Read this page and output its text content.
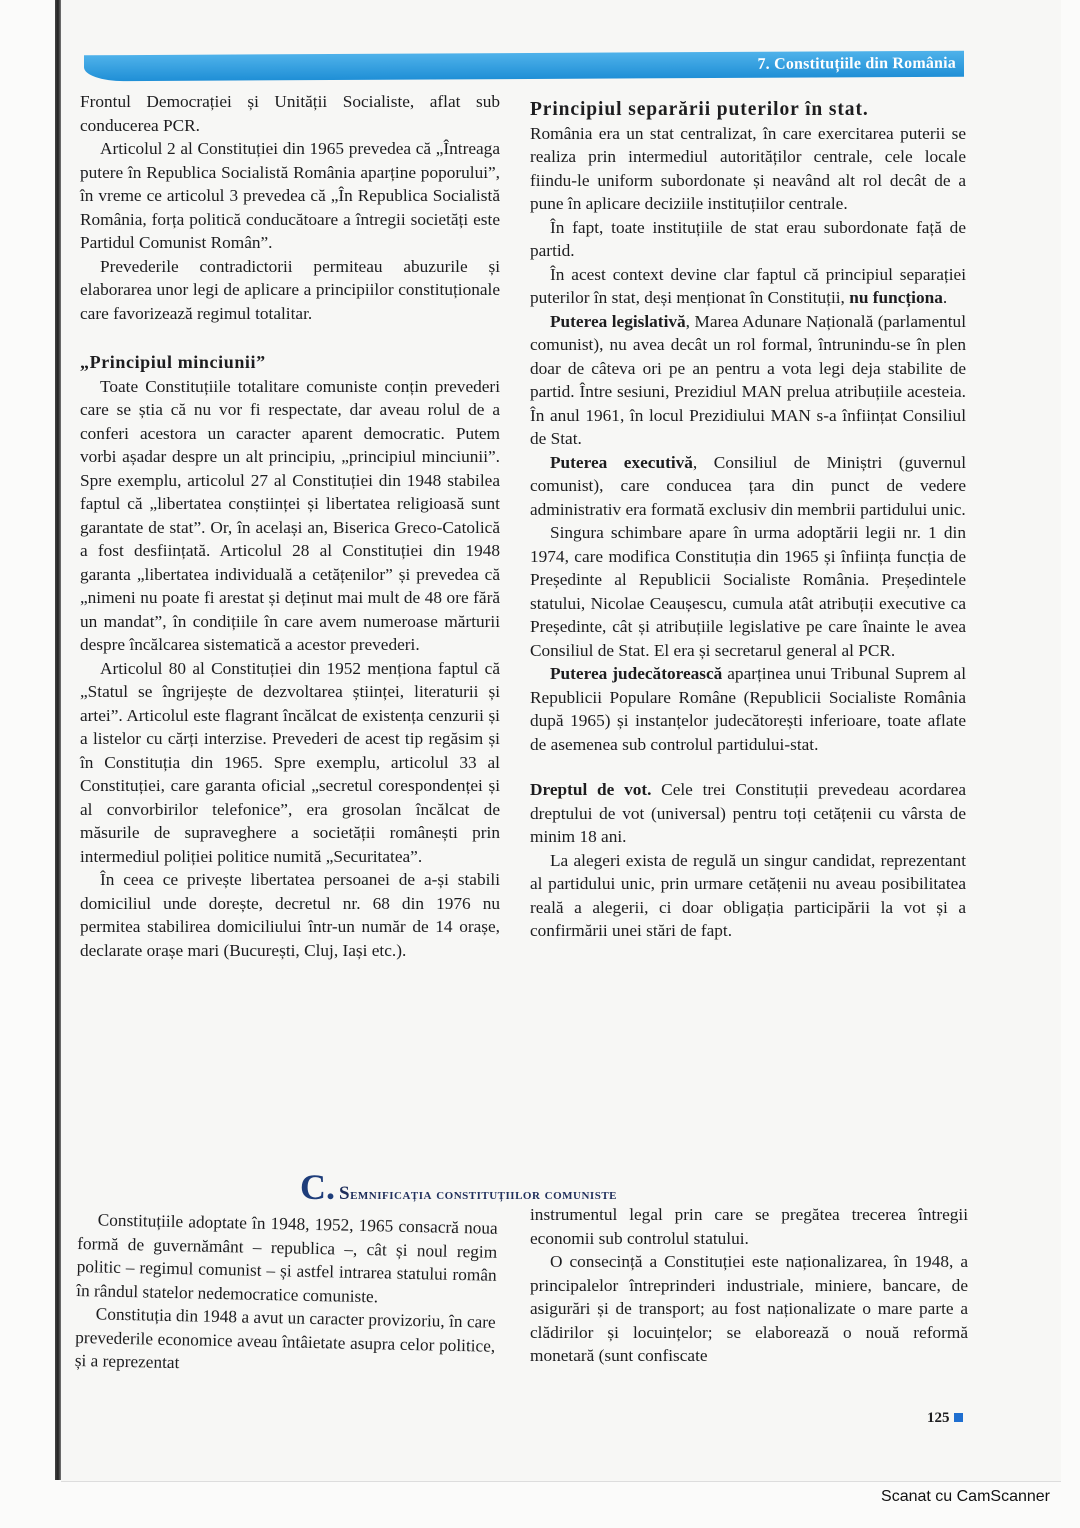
7. Constituțiile din România

Frontul Democrației și Unității Socialiste, aflat sub conducerea PCR.

Articolul 2 al Constituției din 1965 prevedea că „Întreaga putere în Republica Socialistă România aparține poporului”, în vreme ce articolul 3 prevedea că „În Republica Socialistă România, forța politică conducătoare a întregii societăți este Partidul Comunist Român”.

Prevederile contradictorii permiteau abuzurile și elaborarea unor legi de aplicare a principiilor constituționale care favorizează regimul totalitar.

„Principiul minciunii”

Toate Constituțiile totalitare comuniste conțin prevederi care se știa că nu vor fi respectate, dar aveau rolul de a conferi acestora un caracter aparent democratic. Putem vorbi așadar despre un alt principiu, „principiul minciunii”. Spre exemplu, articolul 27 al Constituției din 1948 stabilea faptul că „libertatea conștiinței și libertatea religioasă sunt garantate de stat”. Or, în același an, Biserica Greco-Catolică a fost desființată. Articolul 28 al Constituției din 1948 garanta „libertatea individuală a cetățenilor” și prevedea că „nimeni nu poate fi arestat și deținut mai mult de 48 ore fără un mandat”, în condițiile în care avem numeroase mărturii despre încălcarea sistematică a acestor prevederi.

Articolul 80 al Constituției din 1952 menționa faptul că „Statul se îngrijește de dezvoltarea științei, literaturii și artei”. Articolul este flagrant încălcat de existența cenzurii și a listelor cu cărți interzise. Prevederi de acest tip regăsim și în Constituția din 1965. Spre exemplu, articolul 33 al Constituției, care garanta oficial „secretul corespondenței și al convorbirilor telefonice”, era grosolan încălcat de măsurile de supraveghere a societății românești prin intermediul poliției politice numită „Securitatea”.

În ceea ce privește libertatea persoanei de a-și stabili domiciliul unde dorește, decretul nr. 68 din 1976 nu permitea stabilirea domiciliului într-un număr de 14 orașe, declarate orașe mari (București, Cluj, Iași etc.).

Principiul separării puterilor în stat.

România era un stat centralizat, în care exercitarea puterii se realiza prin intermediul autorităților centrale, cele locale fiindu-le uniform subordonate și neavând alt rol decât de a pune în aplicare deciziile instituțiilor centrale.

În fapt, toate instituțiile de stat erau subordonate față de partid.

În acest context devine clar faptul că principiul separației puterilor în stat, deși menționat în Constituții, nu funcționa.

Puterea legislativă, Marea Adunare Națională (parlamentul comunist), nu avea decât un rol formal, întrunindu-se în plen doar de câteva ori pe an pentru a vota legi deja stabilite de partid. Între sesiuni, Prezidiul MAN prelua atribuțiile acesteia. În anul 1961, în locul Prezidiului MAN s-a înființat Consiliul de Stat.

Puterea executivă, Consiliul de Miniștri (guvernul comunist), care conducea țara din punct de vedere administrativ era formată exclusiv din membrii partidului unic.

Singura schimbare apare în urma adoptării legii nr. 1 din 1974, care modifica Constituția din 1965 și înființa funcția de Președinte al Republicii Socialiste România. Președintele statului, Nicolae Ceaușescu, cumula atât atribuții executive ca Președinte, cât și atribuțiile legislative pe care înainte le avea Consiliul de Stat. El era și secretarul general al PCR.

Puterea judecătorească aparținea unui Tribunal Suprem al Republicii Populare Române (Republicii Socialiste România după 1965) și instanțelor judecătorești inferioare, toate aflate de asemenea sub controlul partidului-stat.

Dreptul de vot. Cele trei Constituții prevedeau acordarea dreptului de vot (universal) pentru toți cetățenii cu vârsta de minim 18 ani.

La alegeri exista de regulă un singur candidat, reprezentant al partidului unic, prin urmare cetățenii nu aveau posibilitatea reală a alegerii, ci doar obligația participării la vot și a confirmării unei stări de fapt.

C. Semnificația constituțiilor comuniste

Constituțiile adoptate în 1948, 1952, 1965 consacră noua formă de guvernământ – republica –, cât și noul regim politic – regimul comunist – și astfel intrarea statului român în rândul statelor nedemocratice comuniste.

Constituția din 1948 a avut un caracter provizoriu, în care prevederile economice aveau întâietate asupra celor politice, și a reprezentat

instrumentul legal prin care se pregătea trecerea întregii economii sub controlul statului.

O consecință a Constituției este naționalizarea, în 1948, a principalelor întreprinderi industriale, miniere, bancare, de asigurări și de transport; au fost naționalizate o mare parte a clădirilor și locuințelor; se elaborează o nouă reformă monetară (sunt confiscate

125
Scanat cu CamScanner
